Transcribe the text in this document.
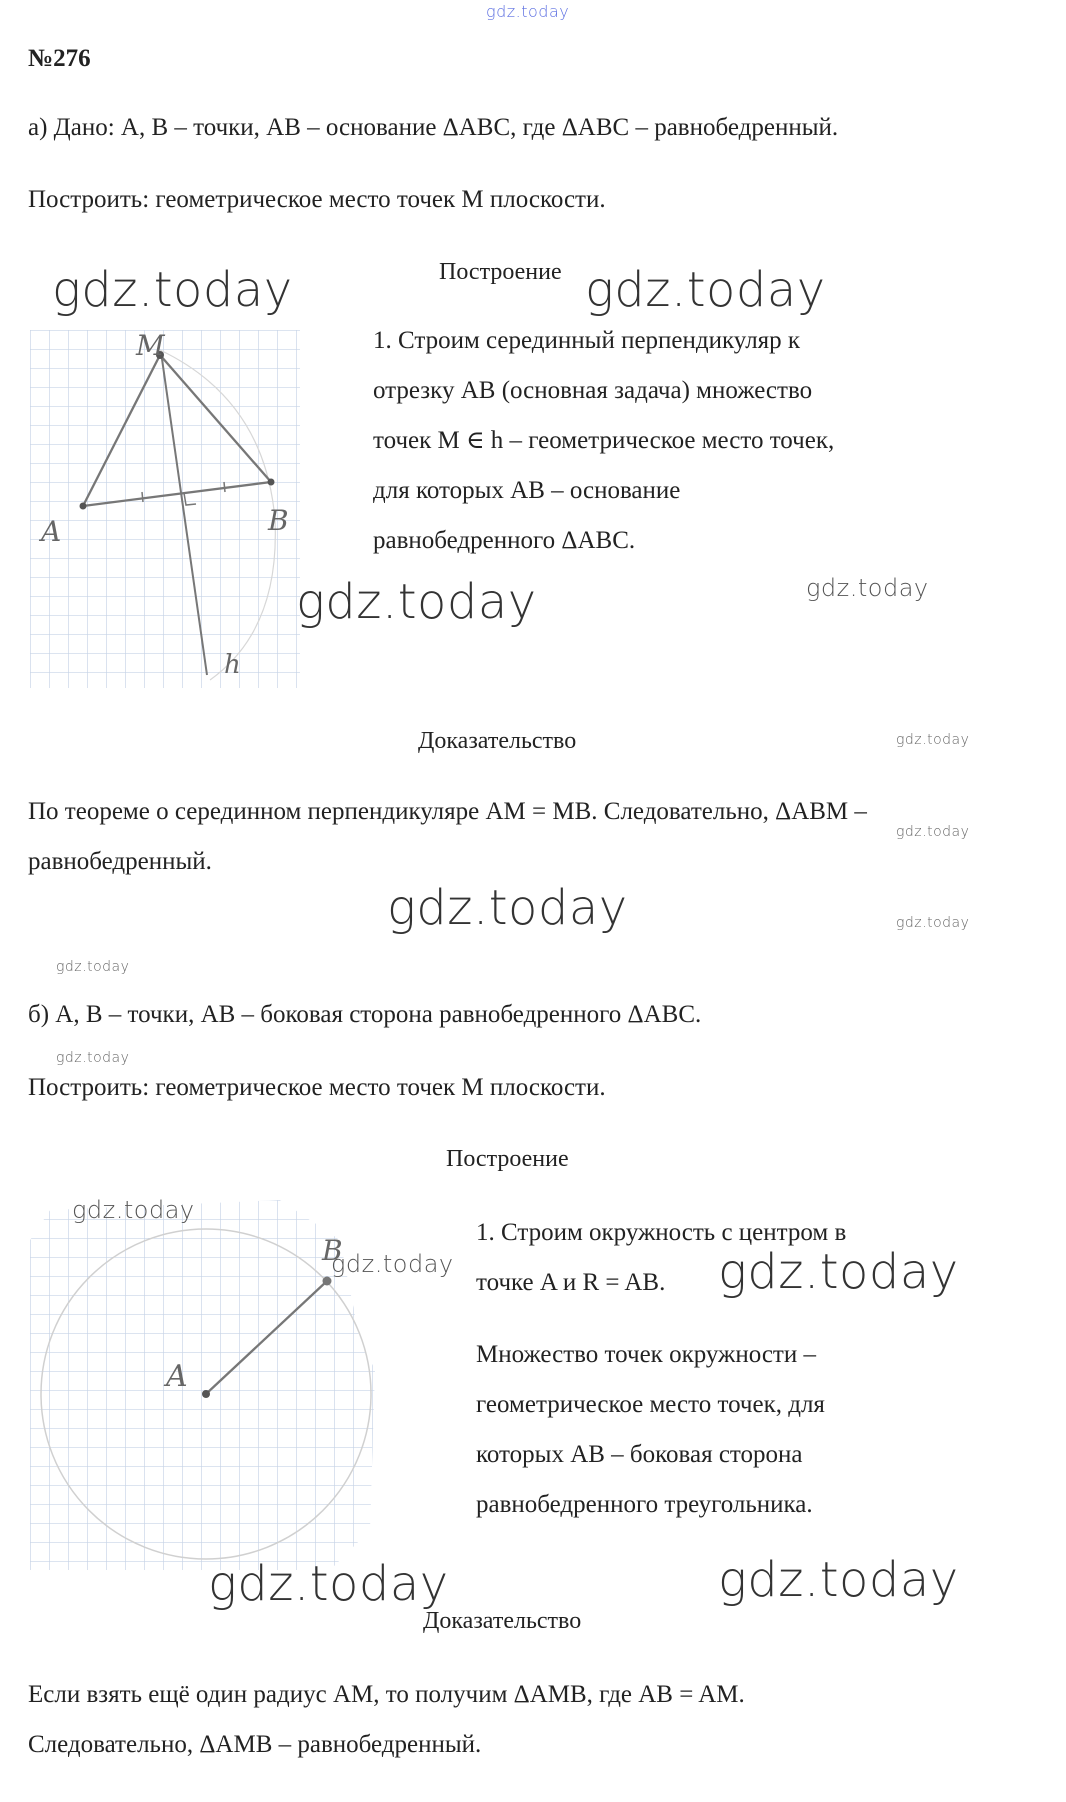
gdz.today
№276
а) Дано: A, B – точки, AB – основание ΔABC, где ΔABC – равнобедренный.
Построить: геометрическое место точек M плоскости.
Построение
1. Строим серединный перпендикуляр к
отрезку AB (основная задача) множество
точек M ∈ h – геометрическое место точек,
для которых AB – основание
равнобедренного ΔABC.
M
A	B
h
Доказательство
По теореме о серединном перпендикуляре AM = MB. Следовательно, ΔABM –
равнобедренный.
б) A, B – точки, AB – боковая сторона равнобедренного ΔABC.
Построить: геометрическое место точек M плоскости.
Построение
1. Строим окружность с центром в
точке A и R = AB.
Множество точек окружности –
геометрическое место точек, для
которых AB – боковая сторона
равнобедренного треугольника.
A
B
Доказательство
Если взять ещё один радиус AM, то получим ΔAMB, где AB = AM.
Следовательно, ΔAMB – равнобедренный.
gdz.today	gdz.today
gdz.today	gdz.today
gdz.today
gdz.today
gdz.today	gdz.today
gdz.today
gdz.today
gdz.today
gdz.today	gdz.today
gdz.today	gdz.today
